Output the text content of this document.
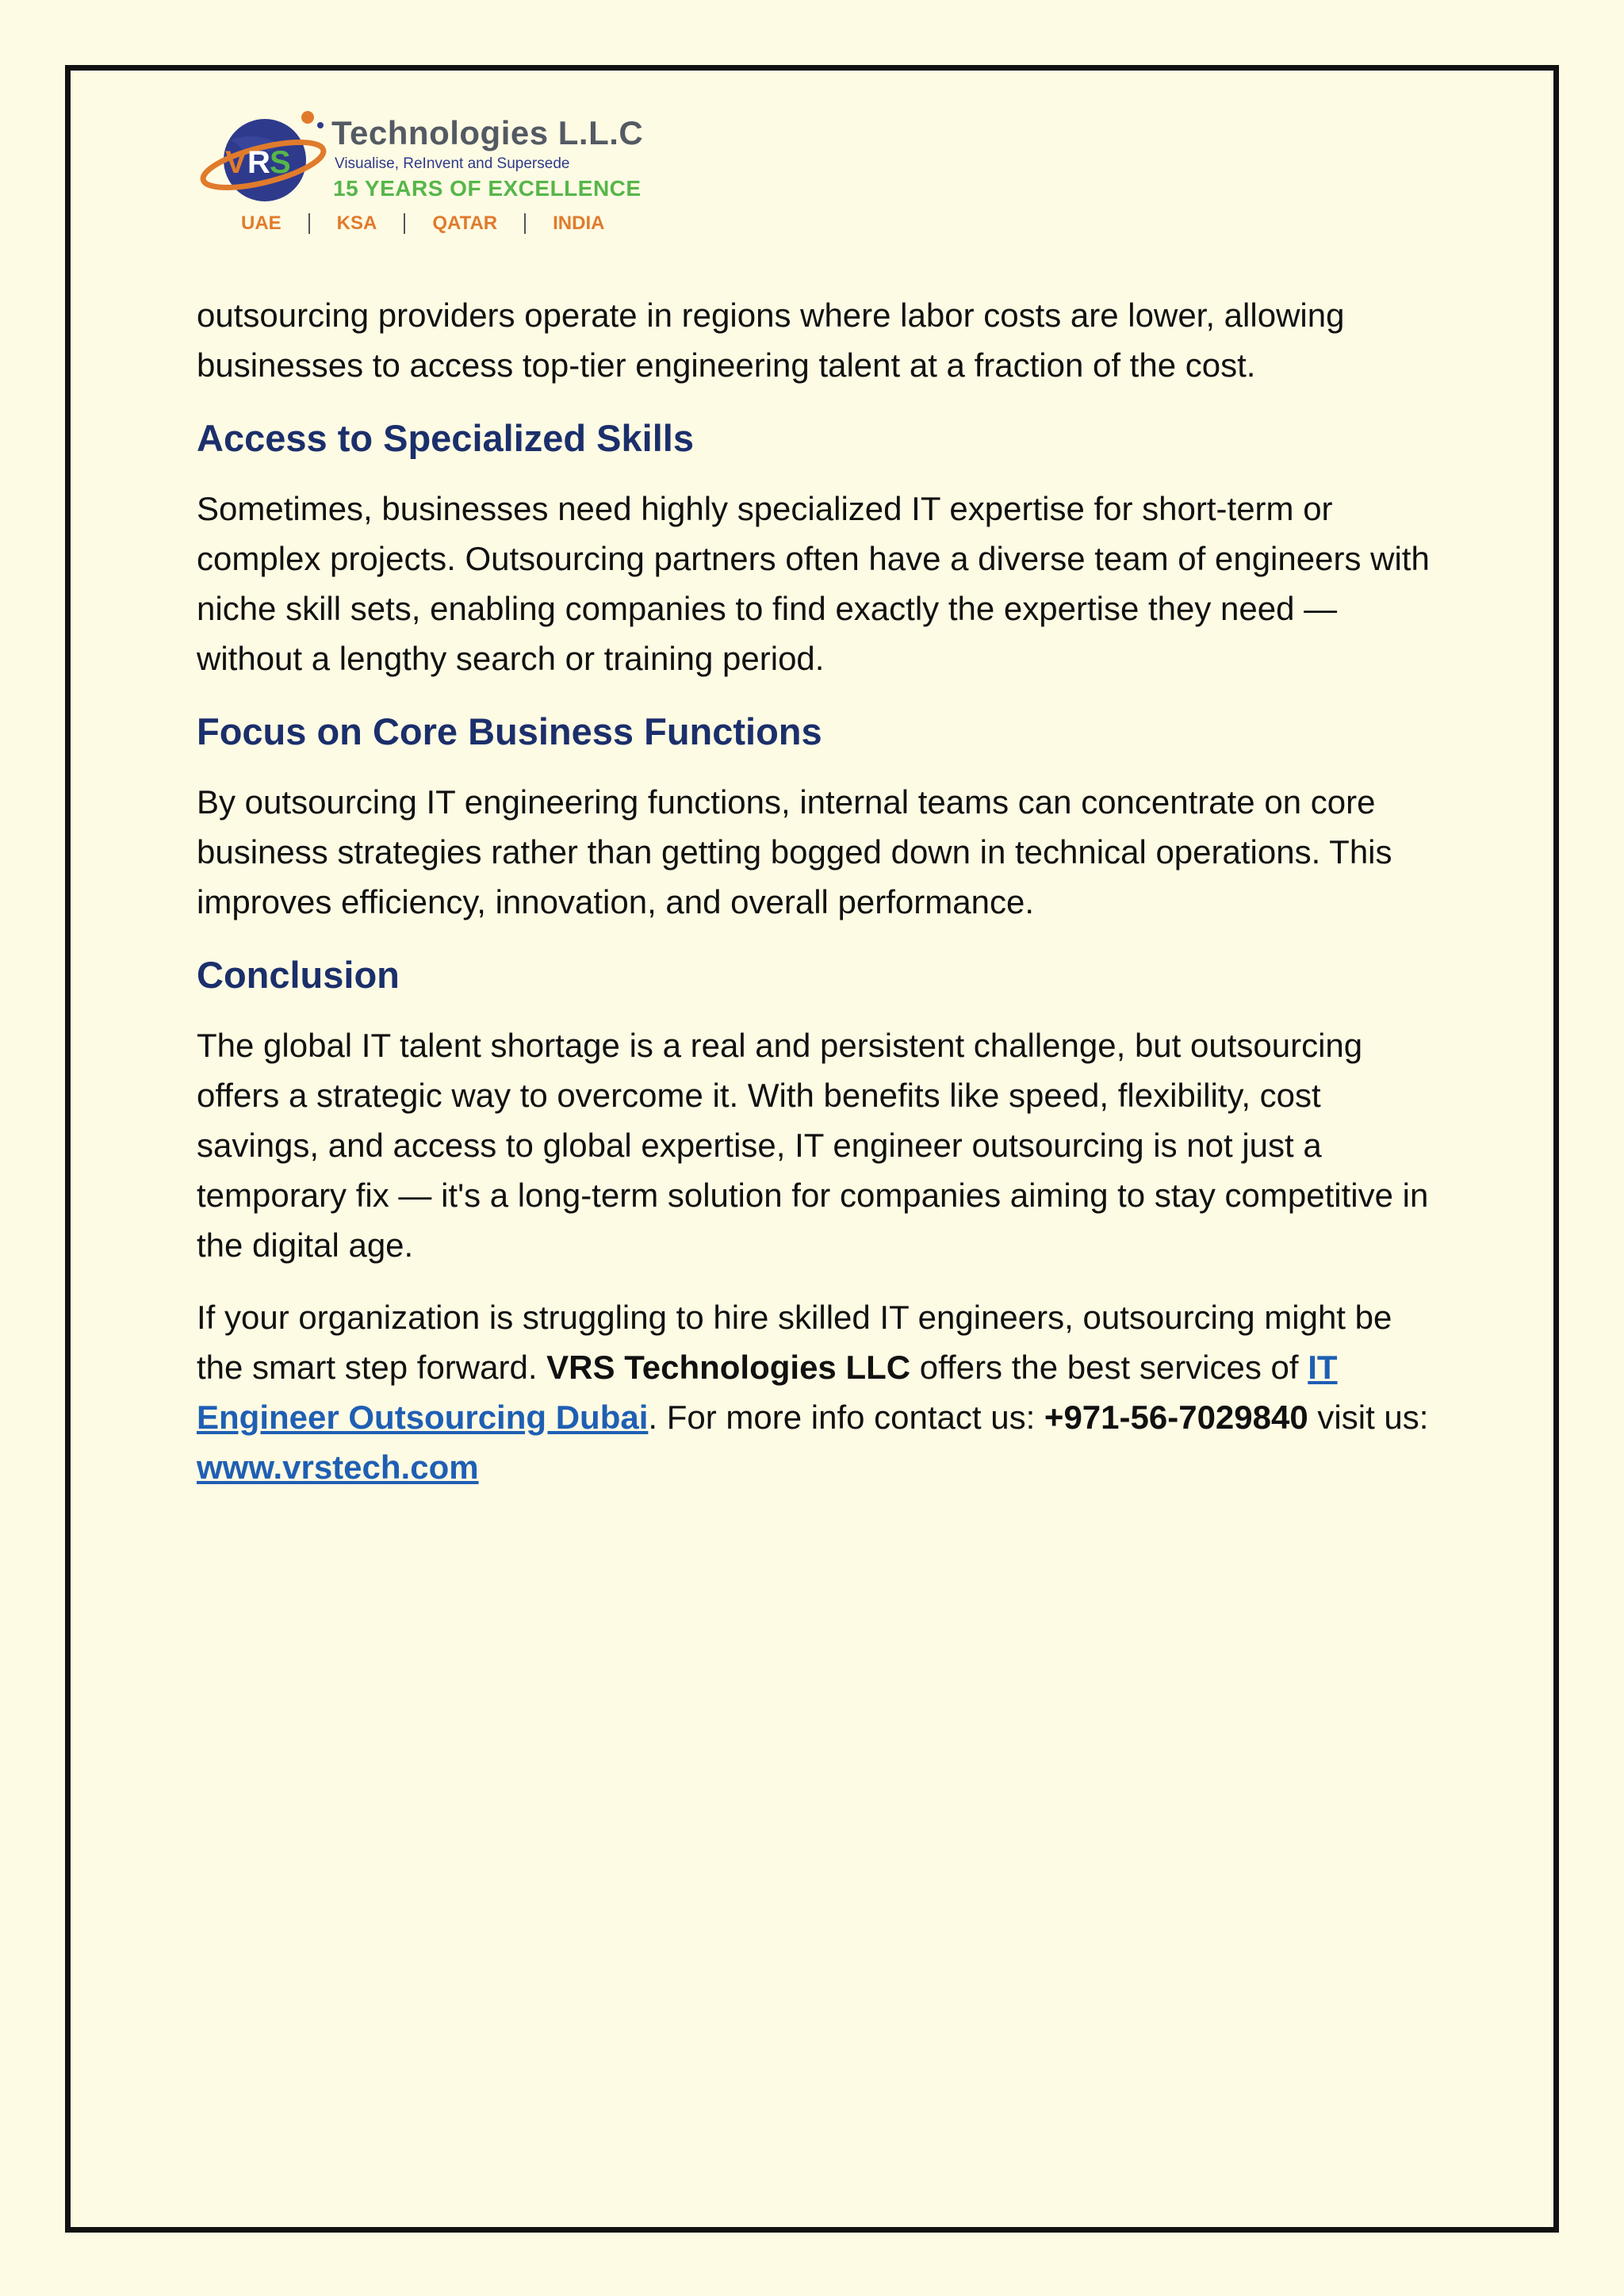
V R S
Technologies L.L.C
Visualise, ReInvent and Supersede
15 YEARS OF EXCELLENCE
UAE	KSA	QATAR	INDIA

outsourcing providers operate in regions where labor costs are lower, allowing businesses to access top-tier engineering talent at a fraction of the cost.

Access to Specialized Skills

Sometimes, businesses need highly specialized IT expertise for short-term or complex projects. Outsourcing partners often have a diverse team of engineers with niche skill sets, enabling companies to find exactly the expertise they need — without a lengthy search or training period.

Focus on Core Business Functions

By outsourcing IT engineering functions, internal teams can concentrate on core business strategies rather than getting bogged down in technical operations. This improves efficiency, innovation, and overall performance.

Conclusion

The global IT talent shortage is a real and persistent challenge, but outsourcing offers a strategic way to overcome it. With benefits like speed, flexibility, cost savings, and access to global expertise, IT engineer outsourcing is not just a temporary fix — it's a long-term solution for companies aiming to stay competitive in the digital age.

If your organization is struggling to hire skilled IT engineers, outsourcing might be the smart step forward. VRS Technologies LLC offers the best services of IT Engineer Outsourcing Dubai. For more info contact us: +971-56-7029840 visit us: www.vrstech.com
